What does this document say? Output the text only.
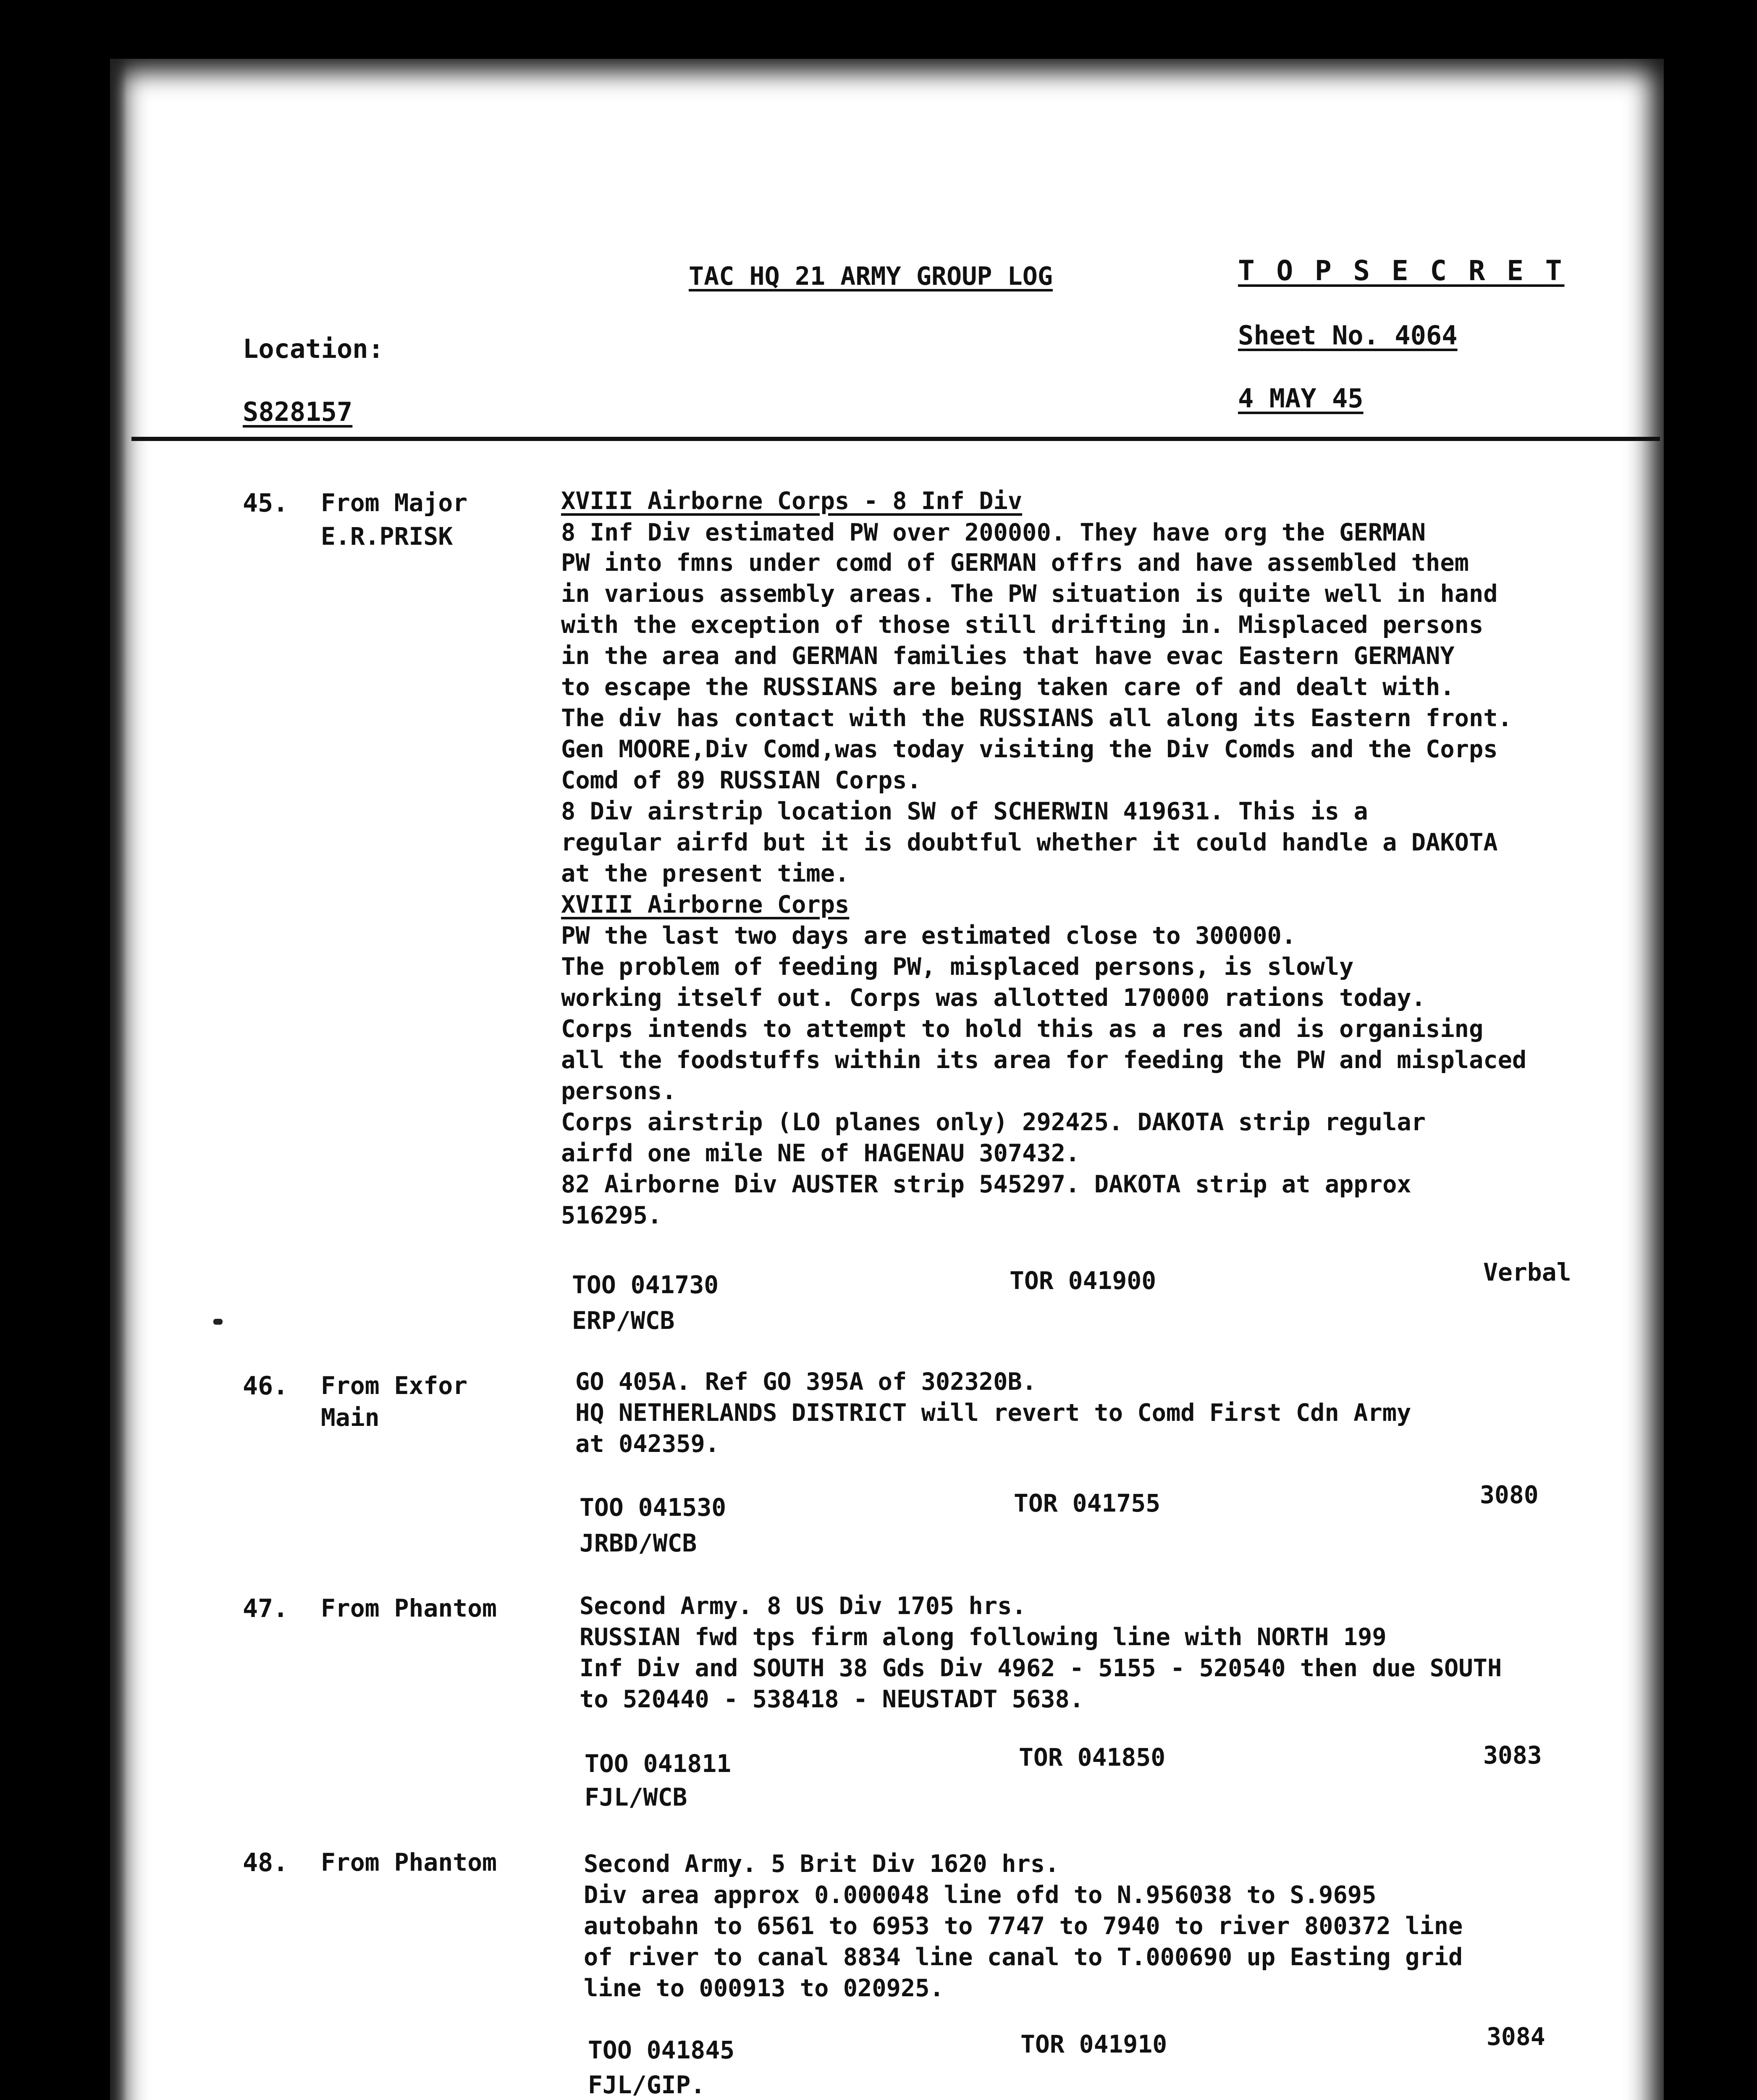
TAC HQ 21 ARMY GROUP LOG	T O P S E C R E T
Location:	Sheet No. 4064
S828157	4 MAY 45
45. From Major
E.R.PRISK
XVIII Airborne Corps - 8 Inf Div
8 Inf Div estimated PW over 200000. They have org the GERMAN
PW into fmns under comd of GERMAN offrs and have assembled them
in various assembly areas. The PW situation is quite well in hand
with the exception of those still drifting in. Misplaced persons
in the area and GERMAN families that have evac Eastern GERMANY
to escape the RUSSIANS are being taken care of and dealt with.
The div has contact with the RUSSIANS all along its Eastern front.
Gen MOORE,Div Comd,was today visiting the Div Comds and the Corps
Comd of 89 RUSSIAN Corps.
8 Div airstrip location SW of SCHERWIN 419631. This is a
regular airfd but it is doubtful whether it could handle a DAKOTA
at the present time.
XVIII Airborne Corps
PW the last two days are estimated close to 300000.
The problem of feeding PW, misplaced persons, is slowly
working itself out. Corps was allotted 170000 rations today.
Corps intends to attempt to hold this as a res and is organising
all the foodstuffs within its area for feeding the PW and misplaced
persons.
Corps airstrip (LO planes only) 292425. DAKOTA strip regular
airfd one mile NE of HAGENAU 307432.
82 Airborne Div AUSTER strip 545297. DAKOTA strip at approx
516295.
TOO 041730	TOR 041900	Verbal
ERP/WCB
46. From Exfor
Main
GO 405A. Ref GO 395A of 302320B.
HQ NETHERLANDS DISTRICT will revert to Comd First Cdn Army
at 042359.
TOO 041530	TOR 041755	3080
JRBD/WCB
47. From Phantom	Second Army. 8 US Div 1705 hrs.
RUSSIAN fwd tps firm along following line with NORTH 199
Inf Div and SOUTH 38 Gds Div 4962 - 5155 - 520540 then due SOUTH
to 520440 - 538418 - NEUSTADT 5638.
TOO 041811	TOR 041850	3083
FJL/WCB
48. From Phantom	Second Army. 5 Brit Div 1620 hrs.
Div area approx 0.000048 line ofd to N.956038 to S.9695
autobahn to 6561 to 6953 to 7747 to 7940 to river 800372 line
of river to canal 8834 line canal to T.000690 up Easting grid
line to 000913 to 020925.
TOO 041845	TOR 041910	3084
FJL/GIP.
